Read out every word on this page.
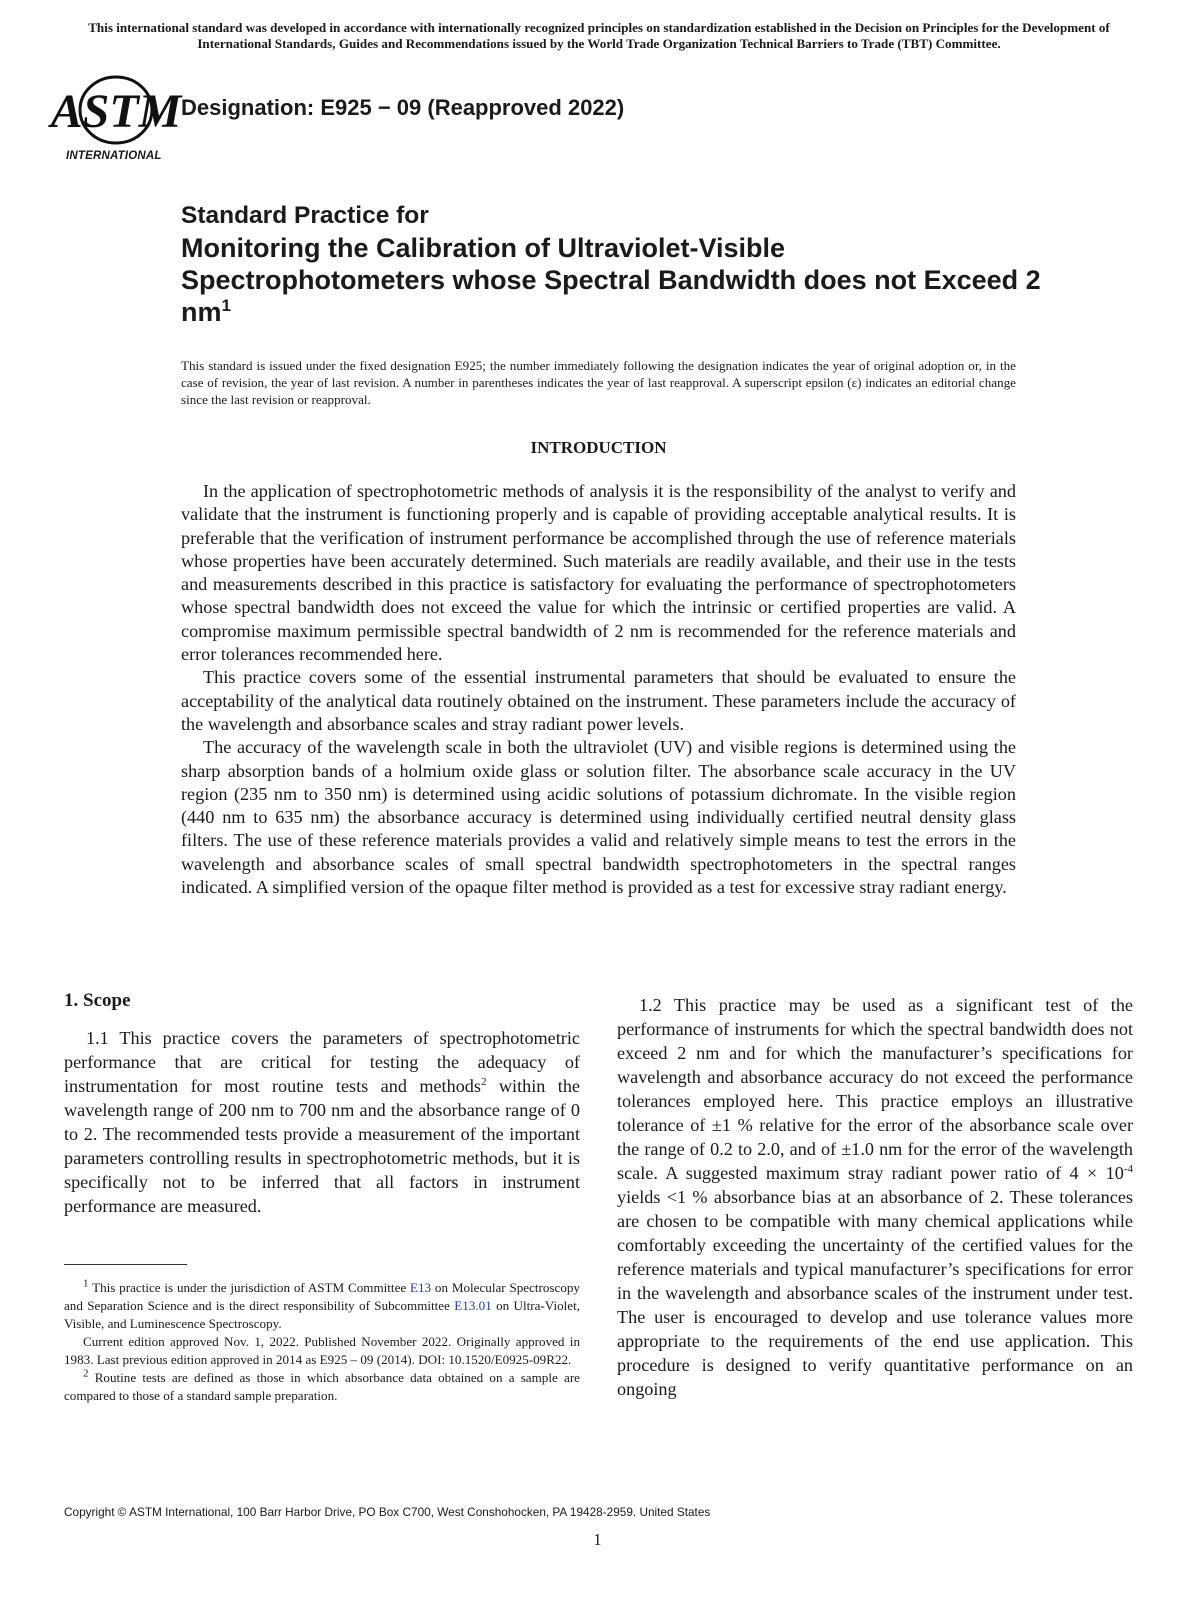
This international standard was developed in accordance with internationally recognized principles on standardization established in the Decision on Principles for the Development of International Standards, Guides and Recommendations issued by the World Trade Organization Technical Barriers to Trade (TBT) Committee.
ASTM
INTERNATIONAL
Designation: E925 − 09 (Reapproved 2022)
Standard Practice for
Monitoring the Calibration of Ultraviolet-Visible Spectrophotometers whose Spectral Bandwidth does not Exceed 2 $nm^1$
This standard is issued under the fixed designation E925; the number immediately following the designation indicates the year of original adoption or, in the case of revision, the year of last revision. A number in parentheses indicates the year of last reapproval. A superscript epsilon (ε) indicates an editorial change since the last revision or reapproval.
INTRODUCTION

In the application of spectrophotometric methods of analysis it is the responsibility of the analyst to verify and validate that the instrument is functioning properly and is capable of providing acceptable analytical results. It is preferable that the verification of instrument performance be accomplished through the use of reference materials whose properties have been accurately determined. Such materials are readily available, and their use in the tests and measurements described in this practice is satisfactory for evaluating the performance of spectrophotometers whose spectral bandwidth does not exceed the value for which the intrinsic or certified properties are valid. A compromise maximum permissible spectral bandwidth of 2 nm is recommended for the reference materials and error tolerances recommended here.

This practice covers some of the essential instrumental parameters that should be evaluated to ensure the acceptability of the analytical data routinely obtained on the instrument. These parameters include the accuracy of the wavelength and absorbance scales and stray radiant power levels.

The accuracy of the wavelength scale in both the ultraviolet (UV) and visible regions is determined using the sharp absorption bands of a holmium oxide glass or solution filter. The absorbance scale accuracy in the UV region (235 nm to 350 nm) is determined using acidic solutions of potassium dichromate. In the visible region (440 nm to 635 nm) the absorbance accuracy is determined using individually certified neutral density glass filters. The use of these reference materials provides a valid and relatively simple means to test the errors in the wavelength and absorbance scales of small spectral bandwidth spectrophotometers in the spectral ranges indicated. A simplified version of the opaque filter method is provided as a test for excessive stray radiant energy.

1. Scope

1.1 This practice covers the parameters of spectrophotometric performance that are critical for testing the adequacy of instrumentation for most routine tests and methods$^2$ within the wavelength range of 200 nm to 700 nm and the absorbance range of 0 to 2. The recommended tests provide a measurement of the important parameters controlling results in spectrophotometric methods, but it is specifically not to be inferred that all factors in instrument performance are measured.

1.2 This practice may be used as a significant test of the performance of instruments for which the spectral bandwidth does not exceed 2 nm and for which the manufacturer’s specifications for wavelength and absorbance accuracy do not exceed the performance tolerances employed here. This practice employs an illustrative tolerance of ±1 % relative for the error of the absorbance scale over the range of 0.2 to 2.0, and of ±1.0 nm for the error of the wavelength scale. A suggested maximum stray radiant power ratio of $4 \times 10^{-4}$ yields <1 % absorbance bias at an absorbance of 2. These tolerances are chosen to be compatible with many chemical applications while comfortably exceeding the uncertainty of the certified values for the reference materials and typical manufacturer’s specifications for error in the wavelength and absorbance scales of the instrument under test. The user is encouraged to develop and use tolerance values more appropriate to the requirements of the end use application. This procedure is designed to verify quantitative performance on an ongoing

$^1$ This practice is under the jurisdiction of ASTM Committee E13 on Molecular Spectroscopy and Separation Science and is the direct responsibility of Subcommittee E13.01 on Ultra-Violet, Visible, and Luminescence Spectroscopy.

Current edition approved Nov. 1, 2022. Published November 2022. Originally approved in 1983. Last previous edition approved in 2014 as E925 – 09 (2014). DOI: 10.1520/E0925-09R22.

$^2$ Routine tests are defined as those in which absorbance data obtained on a sample are compared to those of a standard sample preparation.

Copyright © ASTM International, 100 Barr Harbor Drive, PO Box C700, West Conshohocken, PA 19428-2959. United States
1
